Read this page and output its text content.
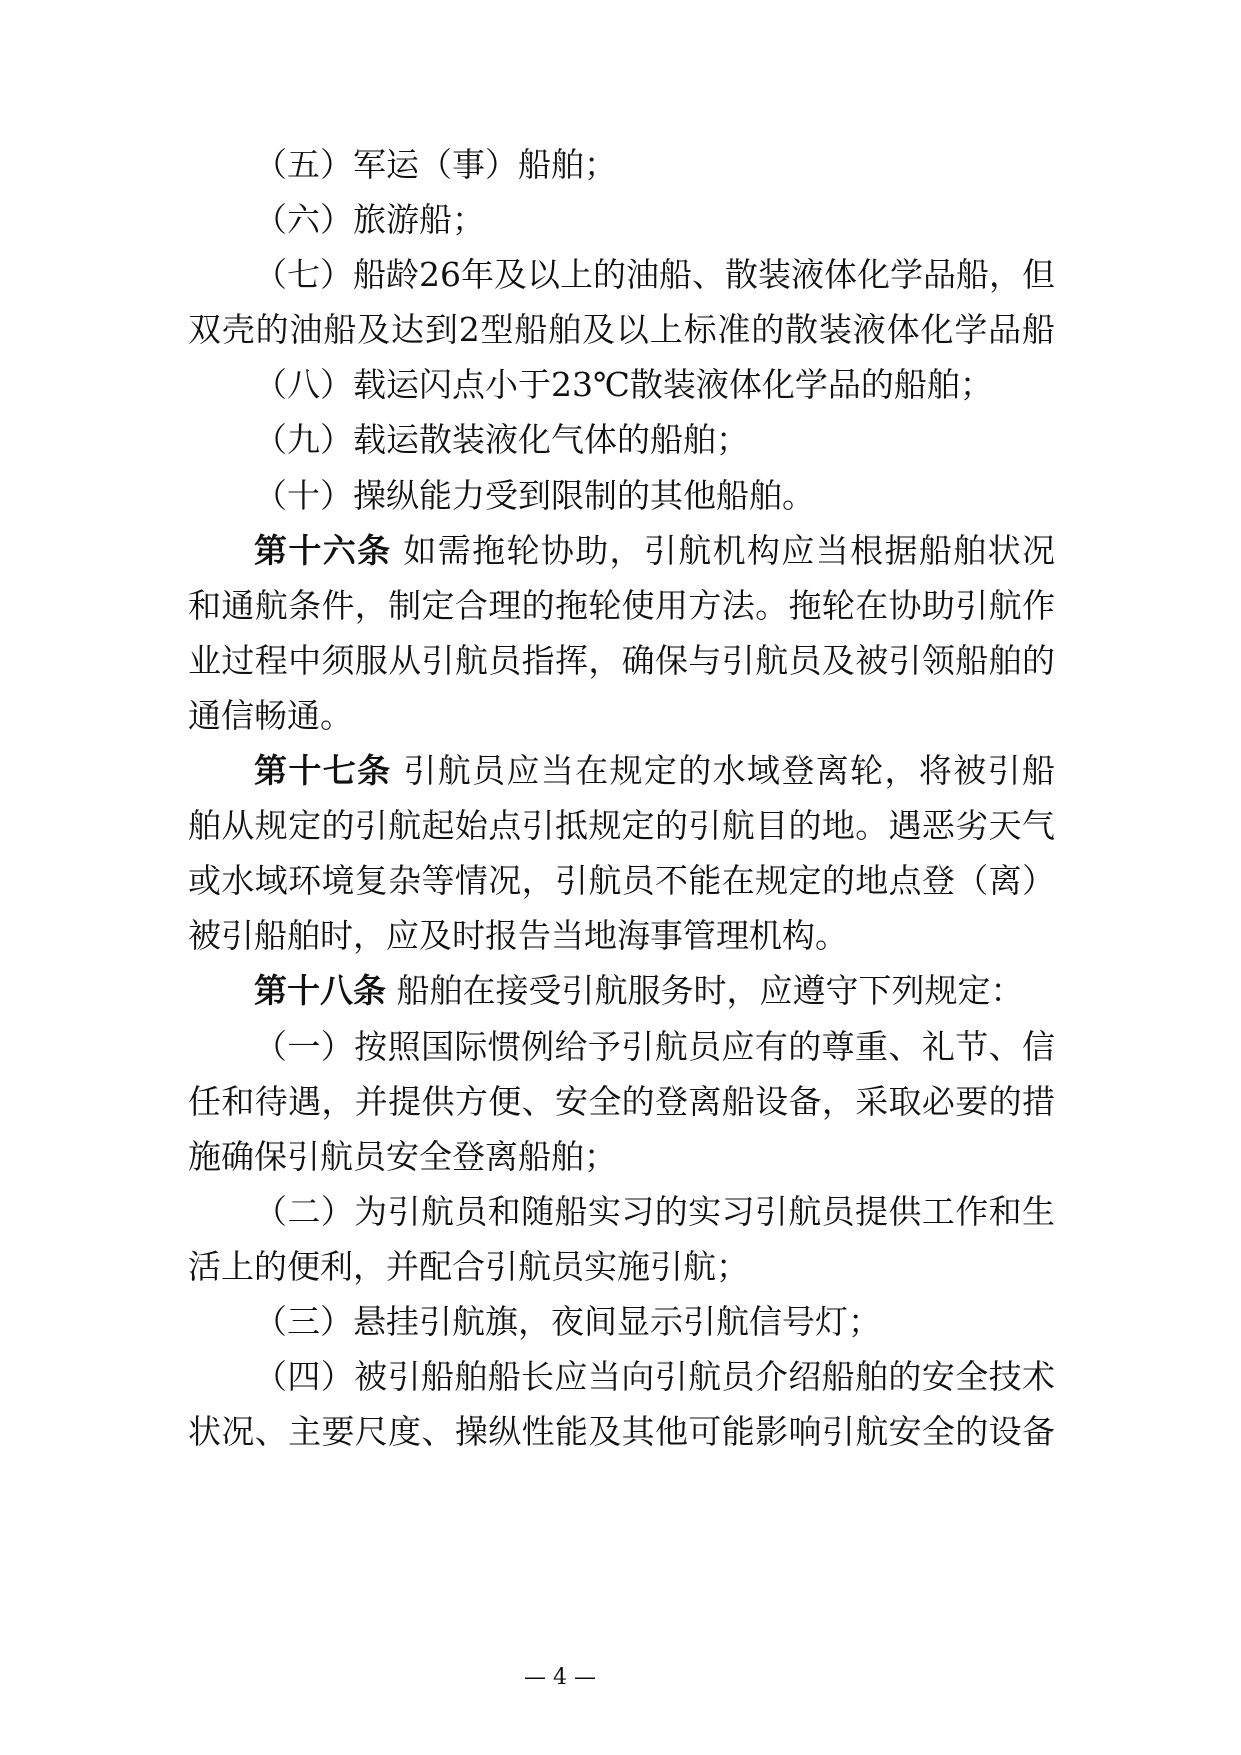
（五）军运（事）船舶；
（六）旅游船；
（七）船龄26年及以上的油船、散装液体化学品船，但
双壳的油船及达到2型船舶及以上标准的散装液体化学品船
（八）载运闪点小于23℃散装液体化学品的船舶；
（九）载运散装液化气体的船舶；
（十）操纵能力受到限制的其他船舶。
第十六条 如需拖轮协助，引航机构应当根据船舶状况
和通航条件，制定合理的拖轮使用方法。拖轮在协助引航作
业过程中须服从引航员指挥，确保与引航员及被引领船舶的
通信畅通。
第十七条 引航员应当在规定的水域登离轮，将被引船
舶从规定的引航起始点引抵规定的引航目的地。遇恶劣天气
或水域环境复杂等情况，引航员不能在规定的地点登（离）
被引船舶时，应及时报告当地海事管理机构。
第十八条 船舶在接受引航服务时，应遵守下列规定：
（一）按照国际惯例给予引航员应有的尊重、礼节、信
任和待遇，并提供方便、安全的登离船设备，采取必要的措
施确保引航员安全登离船舶；
（二）为引航员和随船实习的实习引航员提供工作和生
活上的便利，并配合引航员实施引航；
（三）悬挂引航旗，夜间显示引航信号灯；
（四）被引船舶船长应当向引航员介绍船舶的安全技术
状况、主要尺度、操纵性能及其他可能影响引航安全的设备
— 4 —
